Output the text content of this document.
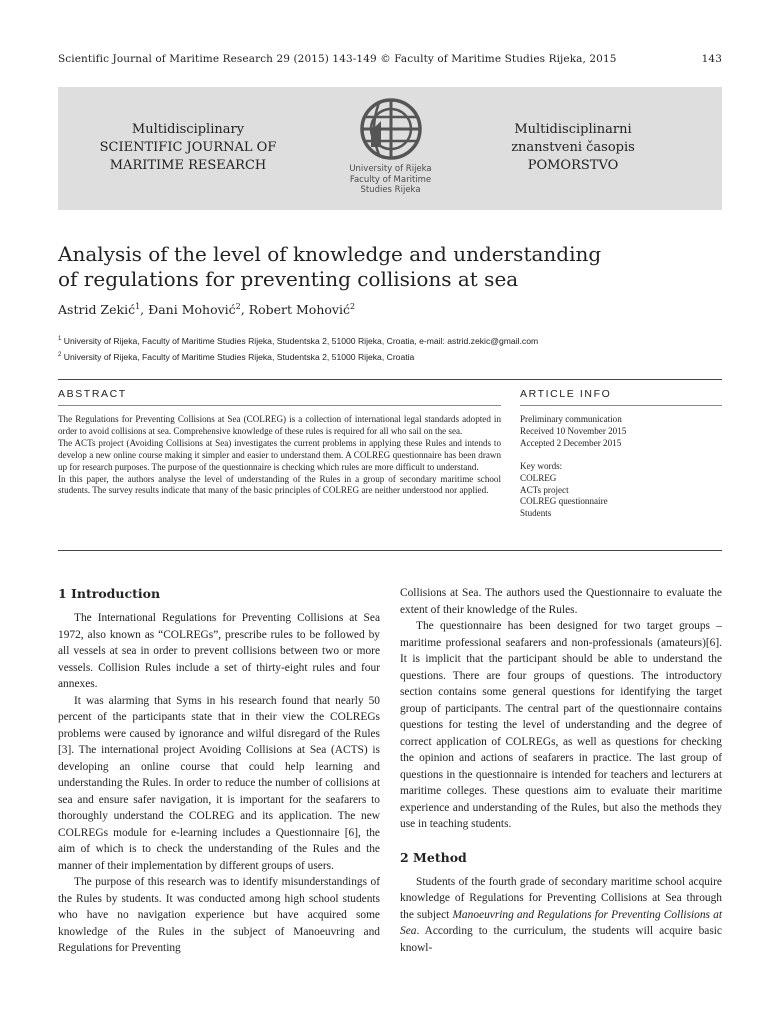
Scientific Journal of Maritime Research 29 (2015) 143-149 © Faculty of Maritime Studies Rijeka, 2015	143
Multidisciplinary
SCIENTIFIC JOURNAL OF
MARITIME RESEARCH	University of Rijeka
Faculty of Maritime
Studies Rijeka
Multidisciplinarni
znanstveni časopis
POMORSTVO
Analysis of the level of knowledge and understanding
of regulations for preventing collisions at sea
Astrid Zekić$^1$, Đani Mohović$^2$, Robert Mohović$^2$
$^1$ University of Rijeka, Faculty of Maritime Studies Rijeka, Studentska 2, 51000 Rijeka, Croatia, e-mail: astrid.zekic@gmail.com
$^2$ University of Rijeka, Faculty of Maritime Studies Rijeka, Studentska 2, 51000 Rijeka, Croatia
ABSTRACT	ARTICLE INFO

The Regulations for Preventing Collisions at Sea (COLREG) is a collection of international legal standards adopted in order to avoid collisions at sea. Comprehensive knowledge of these rules is required for all who sail on the sea.

The ACTs project (Avoiding Collisions at Sea) investigates the current problems in applying these Rules and intends to develop a new online course making it simpler and easier to understand them. A COLREG questionnaire has been drawn up for research purposes. The purpose of the questionnaire is checking which rules are more difficult to understand.

In this paper, the authors analyse the level of understanding of the Rules in a group of secondary maritime school students. The survey results indicate that many of the basic principles of COLREG are neither understood nor applied.

Preliminary communication

Received 10 November 2015

Accepted 2 December 2015

Key words:

COLREG

ACTs project

COLREG questionnaire

Students

1 Introduction

The International Regulations for Preventing Collisions at Sea 1972, also known as “COLREGs”, prescribe rules to be followed by all vessels at sea in order to prevent collisions between two or more vessels. Collision Rules include a set of thirty-eight rules and four annexes.

It was alarming that Syms in his research found that nearly 50 percent of the participants state that in their view the COLREGs problems were caused by ignorance and wilful disregard of the Rules [3]. The international project Avoiding Collisions at Sea (ACTS) is developing an online course that could help learning and understanding the Rules. In order to reduce the number of collisions at sea and ensure safer navigation, it is important for the seafarers to thoroughly understand the COLREG and its application. The new COLREGs module for e-learning includes a Questionnaire [6], the aim of which is to check the understanding of the Rules and the manner of their implementation by different groups of users.

The purpose of this research was to identify misunderstandings of the Rules by students. It was conducted among high school students who have no navigation experience but have acquired some knowledge of the Rules in the subject of Manoeuvring and Regulations for Preventing

Collisions at Sea. The authors used the Questionnaire to evaluate the extent of their knowledge of the Rules.

The questionnaire has been designed for two target groups – maritime professional seafarers and non-professionals (amateurs)[6]. It is implicit that the participant should be able to understand the questions. There are four groups of questions. The introductory section contains some general questions for identifying the target group of participants. The central part of the questionnaire contains questions for testing the level of understanding and the degree of correct application of COLREGs, as well as questions for checking the opinion and actions of seafarers in practice. The last group of questions in the questionnaire is intended for teachers and lecturers at maritime colleges. These questions aim to evaluate their maritime experience and understanding of the Rules, but also the methods they use in teaching students.

2 Method

Students of the fourth grade of secondary maritime school acquire knowledge of Regulations for Preventing Collisions at Sea through the subject Manoeuvring and Regulations for Preventing Collisions at Sea. According to the curriculum, the students will acquire basic knowl-
